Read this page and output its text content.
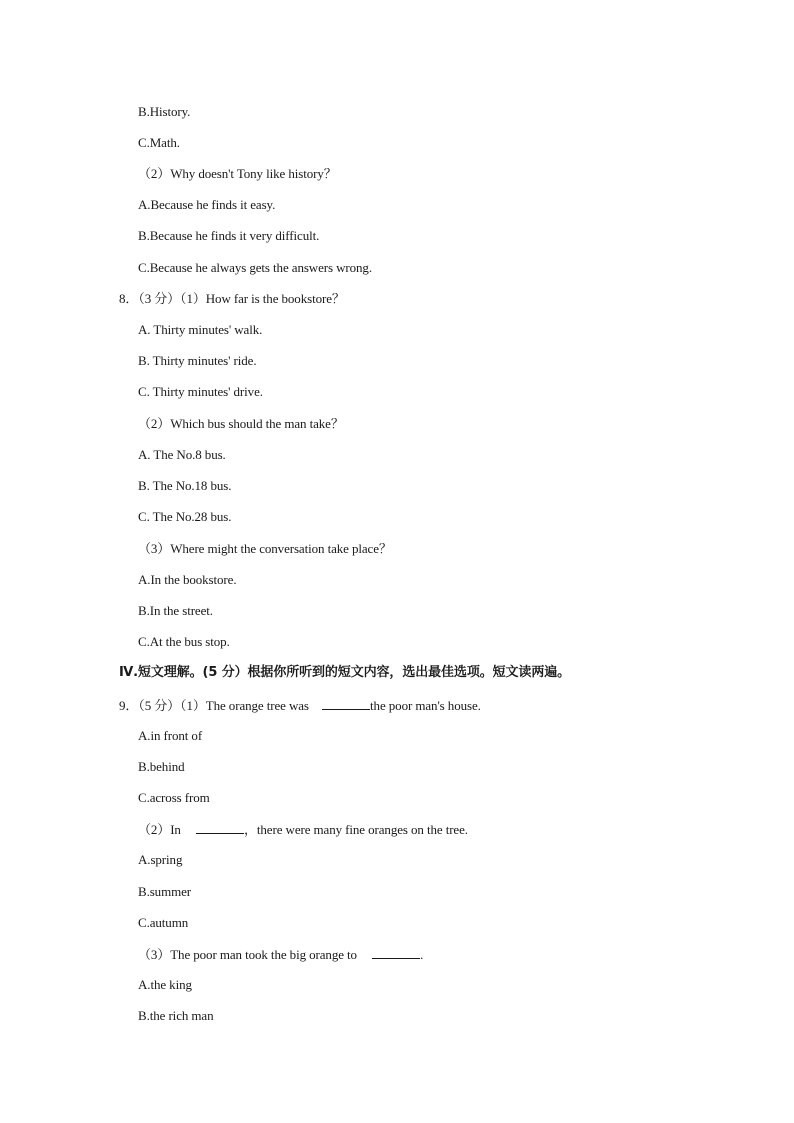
B.History.
C.Math.
（2）Why doesn't Tony like history？
A.Because he finds it easy.
B.Because he finds it very difficult.
C.Because he always gets the answers wrong.
8．（3 分）（1）How far is the bookstore？
A. Thirty minutes' walk.
B. Thirty minutes' ride.
C. Thirty minutes' drive.
（2）Which bus should the man take？
A. The No.8 bus.
B. The No.18 bus.
C. The No.28 bus.
（3）Where might the conversation take place？
A.In the bookstore.
B.In the street.
C.At the bus stop.
Ⅳ.短文理解。(5 分）根据你所听到的短文内容，选出最佳选项。短文读两遍。
9．（5 分）（1）The orange tree was	the poor man's house.
A.in front of
B.behind
C.across from
（2）In	，there were many fine oranges on the tree.
A.spring
B.summer
C.autumn
（3）The poor man took the big orange to	.
A.the king
B.the rich man
